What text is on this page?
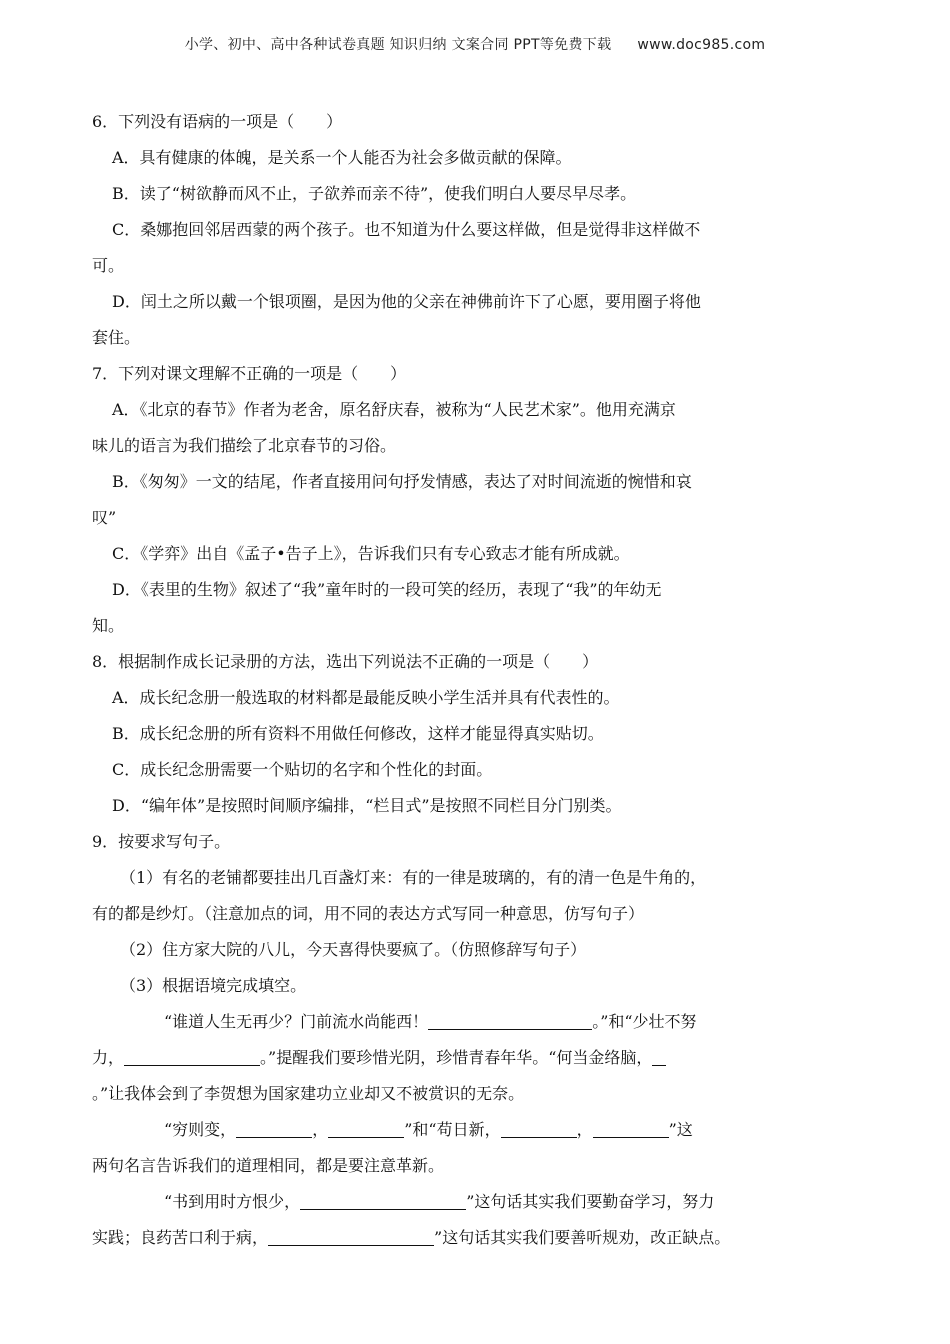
小学、初中、高中各种试卷真题 知识归纳 文案合同 PPT等免费下载 www.doc985.com
6．下列没有语病的一项是（　　）
A．具有健康的体魄，是关系一个人能否为社会多做贡献的保障。
B．读了“树欲静而风不止，子欲养而亲不待”，使我们明白人要尽早尽孝。
C．桑娜抱回邻居西蒙的两个孩子。也不知道为什么要这样做，但是觉得非这样做不
可。
D．闰土之所以戴一个银项圈，是因为他的父亲在神佛前许下了心愿，要用圈子将他
套住。
7．下列对课文理解不正确的一项是（　　）
A．《北京的春节》作者为老舍，原名舒庆春，被称为“人民艺术家”。他用充满京
味儿的语言为我们描绘了北京春节的习俗。
B．《匆匆》一文的结尾，作者直接用问句抒发情感，表达了对时间流逝的惋惜和哀
叹”
C．《学弈》出自《孟子•告子上》，告诉我们只有专心致志才能有所成就。
D．《表里的生物》叙述了“我”童年时的一段可笑的经历，表现了“我”的年幼无
知。
8．根据制作成长记录册的方法，选出下列说法不正确的一项是（　　）
A．成长纪念册一般选取的材料都是最能反映小学生活并具有代表性的。
B．成长纪念册的所有资料不用做任何修改，这样才能显得真实贴切。
C．成长纪念册需要一个贴切的名字和个性化的封面。
D．“编年体”是按照时间顺序编排，“栏目式”是按照不同栏目分门别类。
9．按要求写句子。
（1）有名的老铺都要挂出几百盏灯来：有的一律是玻璃的，有的清一色是牛角的，
有的都是纱灯。（注意加点的词，用不同的表达方式写同一种意思，仿写句子）
（2）住方家大院的八儿，今天喜得快要疯了。（仿照修辞写句子）
（3）根据语境完成填空。
“谁道人生无再少？门前流水尚能西！	。”和“少壮不努
力，	。”提醒我们要珍惜光阴，珍惜青春年华。“何当金络脑，
。”让我体会到了李贺想为国家建功立业却又不被赏识的无奈。
“穷则变，	，	”和“苟日新，	，	”这
两句名言告诉我们的道理相同，都是要注意革新。
“书到用时方恨少，	”这句话其实我们要勤奋学习，努力
实践；良药苦口利于病，	”这句话其实我们要善听规劝，改正缺点。
